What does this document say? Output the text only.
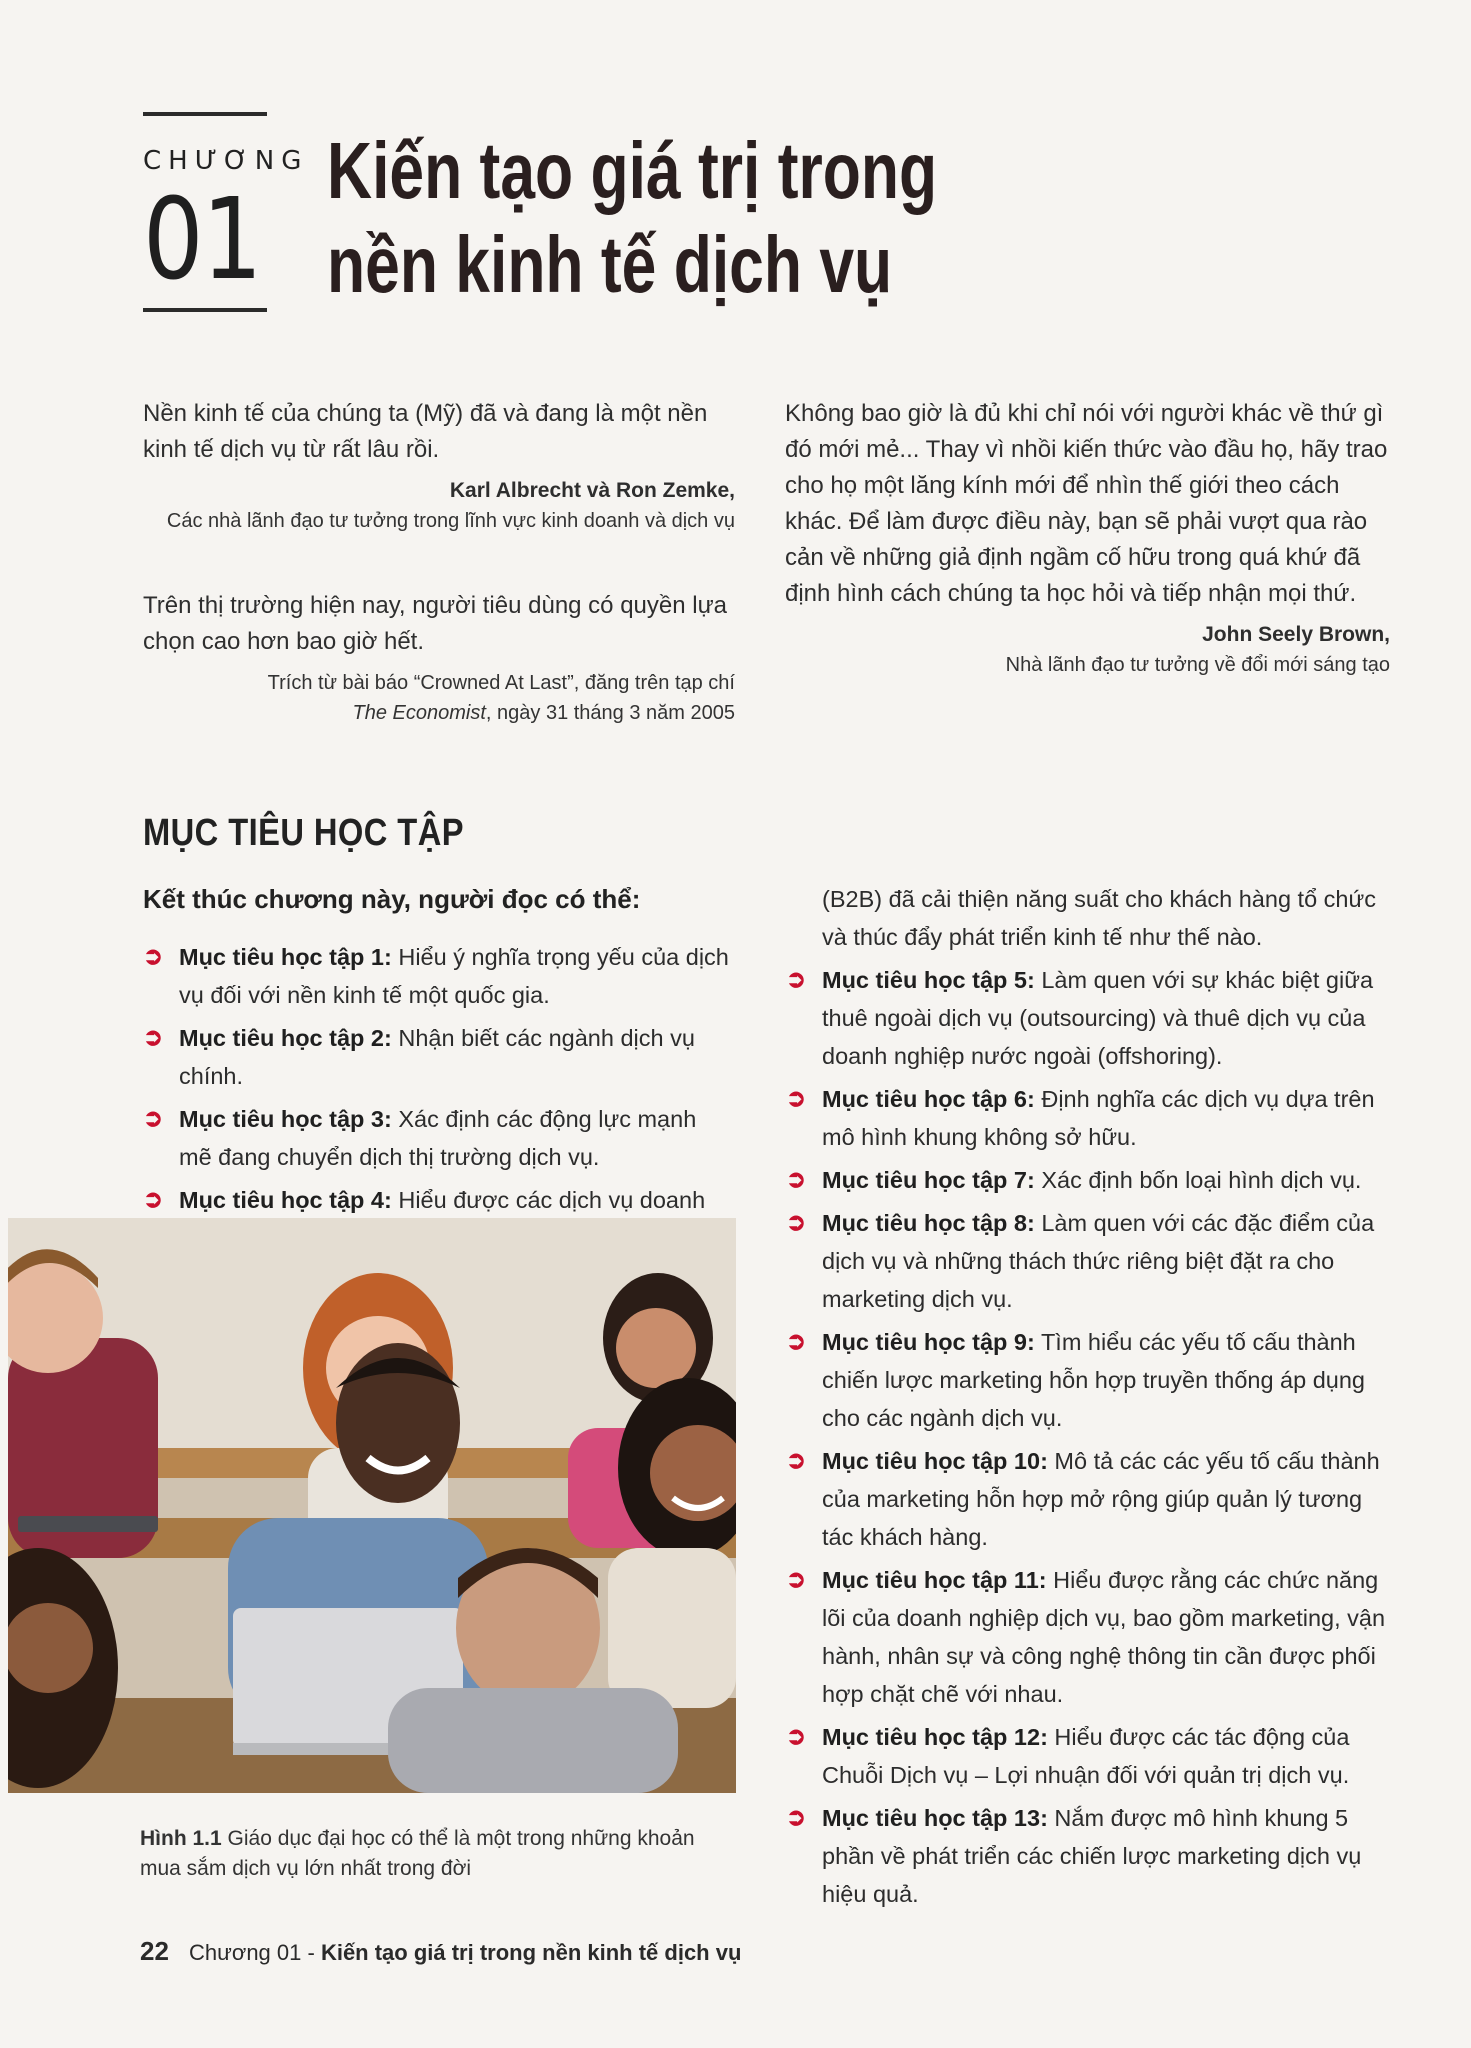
CHƯƠNG
01
Kiến tạo giá trị trong
nền kinh tế dịch vụ
Nền kinh tế của chúng ta (Mỹ) đã và đang là một nền kinh tế dịch vụ từ rất lâu rồi.
Karl Albrecht và Ron Zemke,
Các nhà lãnh đạo tư tưởng trong lĩnh vực kinh doanh và dịch vụ
Trên thị trường hiện nay, người tiêu dùng có quyền lựa chọn cao hơn bao giờ hết.
Trích từ bài báo “Crowned At Last”, đăng trên tạp chí
The Economist, ngày 31 tháng 3 năm 2005
Không bao giờ là đủ khi chỉ nói với người khác về thứ gì đó mới mẻ... Thay vì nhồi kiến thức vào đầu họ, hãy trao cho họ một lăng kính mới để nhìn thế giới theo cách khác. Để làm được điều này, bạn sẽ phải vượt qua rào cản về những giả định ngầm cố hữu trong quá khứ đã định hình cách chúng ta học hỏi và tiếp nhận mọi thứ.
John Seely Brown,
Nhà lãnh đạo tư tưởng về đổi mới sáng tạo
MỤC TIÊU HỌC TẬP
Kết thúc chương này, người đọc có thể:
➲ Mục tiêu học tập 1: Hiểu ý nghĩa trọng yếu của dịch vụ đối với nền kinh tế một quốc gia.
➲ Mục tiêu học tập 2: Nhận biết các ngành dịch vụ chính.
➲ Mục tiêu học tập 3: Xác định các động lực mạnh mẽ đang chuyển dịch thị trường dịch vụ.
➲ Mục tiêu học tập 4: Hiểu được các dịch vụ doanh
(B2B) đã cải thiện năng suất cho khách hàng tổ chức và thúc đẩy phát triển kinh tế như thế nào.
➲ Mục tiêu học tập 5: Làm quen với sự khác biệt giữa thuê ngoài dịch vụ (outsourcing) và thuê dịch vụ của doanh nghiệp nước ngoài (offshoring).
➲ Mục tiêu học tập 6: Định nghĩa các dịch vụ dựa trên mô hình khung không sở hữu.
➲ Mục tiêu học tập 7: Xác định bốn loại hình dịch vụ.
➲ Mục tiêu học tập 8: Làm quen với các đặc điểm của dịch vụ và những thách thức riêng biệt đặt ra cho marketing dịch vụ.
➲ Mục tiêu học tập 9: Tìm hiểu các yếu tố cấu thành chiến lược marketing hỗn hợp truyền thống áp dụng cho các ngành dịch vụ.
➲ Mục tiêu học tập 10: Mô tả các các yếu tố cấu thành của marketing hỗn hợp mở rộng giúp quản lý tương tác khách hàng.
➲ Mục tiêu học tập 11: Hiểu được rằng các chức năng lõi của doanh nghiệp dịch vụ, bao gồm marketing, vận hành, nhân sự và công nghệ thông tin cần được phối hợp chặt chẽ với nhau.
➲ Mục tiêu học tập 12: Hiểu được các tác động của Chuỗi Dịch vụ – Lợi nhuận đối với quản trị dịch vụ.
➲ Mục tiêu học tập 13: Nắm được mô hình khung 5 phần về phát triển các chiến lược marketing dịch vụ hiệu quả.
Hình 1.1 Giáo dục đại học có thể là một trong những khoản mua sắm dịch vụ lớn nhất trong đời
22 Chương 01 - Kiến tạo giá trị trong nền kinh tế dịch vụ
